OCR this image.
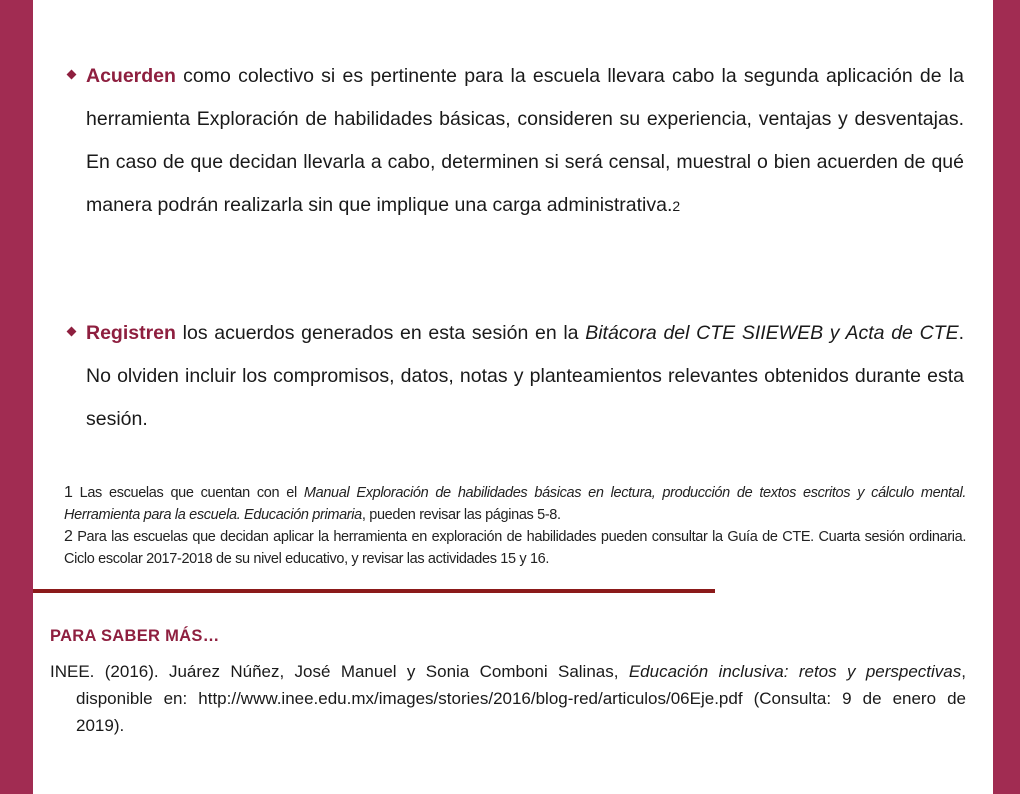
Acuerden como colectivo si es pertinente para la escuela llevara cabo la segunda aplicación de la herramienta Exploración de habilidades básicas, consideren su experiencia, ventajas y desventajas. En caso de que decidan llevarla a cabo, determinen si será censal, muestral o bien acuerden de qué manera podrán realizarla sin que implique una carga administrativa.2

Registren los acuerdos generados en esta sesión en la Bitácora del CTE SIIEWEB y Acta de CTE. No olviden incluir los compromisos, datos, notas y planteamientos relevantes obtenidos durante esta sesión.

1 Las escuelas que cuentan con el Manual Exploración de habilidades básicas en lectura, producción de textos escritos y cálculo mental. Herramienta para la escuela. Educación primaria, pueden revisar las páginas 5-8.

2 Para las escuelas que decidan aplicar la herramienta en exploración de habilidades pueden consultar la Guía de CTE. Cuarta sesión ordinaria. Ciclo escolar 2017-2018 de su nivel educativo, y revisar las actividades 15 y 16.

PARA SABER MÁS…

INEE. (2016). Juárez Núñez, José Manuel y Sonia Comboni Salinas, Educación inclusiva: retos y perspectivas, disponible en: http://www.inee.edu.mx/images/stories/2016/blog-red/articulos/06Eje.pdf (Consulta: 9 de enero de 2019).
